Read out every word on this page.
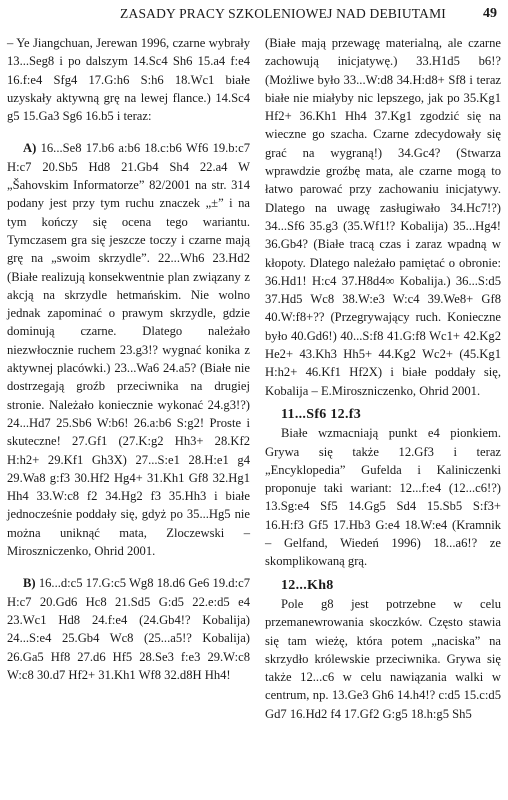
ZASADY PRACY SZKOLENIOWEJ NAD DEBIUTAMI	49

– Ye Jiangchuan, Jerewan 1996, czarne wybrały 13...Seg8 i po dalszym 14.Sc4 Sh6 15.a4 f:e4 16.f:e4 Sfg4 17.G:h6 S:h6 18.Wc1 białe uzyskały aktywną grę na lewej flance.) 14.Sc4 g5 15.Ga3 Sg6 16.b5 i teraz:

A) 16...Se8 17.b6 a:b6 18.c:b6 Wf6 19.b:c7 H:c7 20.Sb5 Hd8 21.Gb4 Sh4 22.a4 W „Šahovskim Informatorze” 82/2001 na str. 314 podany jest przy tym ruchu znaczek „±” i na tym kończy się ocena tego wariantu. Tymczasem gra się jeszcze toczy i czarne mają grę na „swoim skrzydle”. 22...Wh6 23.Hd2 (Białe realizują konsekwentnie plan związany z akcją na skrzydle hetmańskim. Nie wolno jednak zapominać o prawym skrzydle, gdzie dominują czarne. Dlatego należało niezwłocznie ruchem 23.g3!? wygnać konika z aktywnej placówki.) 23...Wa6 24.a5? (Białe nie dostrzegają groźb przeciwnika na drugiej stronie. Należało koniecznie wykonać 24.g3!?) 24...Hd7 25.Sb6 W:b6! 26.a:b6 S:g2! Proste i skuteczne! 27.Gf1 (27.K:g2 Hh3+ 28.Kf2 H:h2+ 29.Kf1 Gh3X) 27...S:e1 28.H:e1 g4 29.Wa8 g:f3 30.Hf2 Hg4+ 31.Kh1 Gf8 32.Hg1 Hh4 33.W:c8 f2 34.Hg2 f3 35.Hh3 i białe jednocześnie poddały się, gdyż po 35...Hg5 nie można uniknąć mata, Zloczewski – Miroszniczenko, Ohrid 2001.

B) 16...d:c5 17.G:c5 Wg8 18.d6 Ge6 19.d:c7 H:c7 20.Gd6 Hc8 21.Sd5 G:d5 22.e:d5 e4 23.Wc1 Hd8 24.f:e4 (24.Gb4!? Kobalija) 24...S:e4 25.Gb4 Wc8 (25...a5!? Kobalija) 26.Ga5 Hf8 27.d6 Hf5 28.Se3 f:e3 29.W:c8 W:c8 30.d7 Hf2+ 31.Kh1 Wf8 32.d8H Hh4!

(Białe mają przewagę materialną, ale czarne zachowują inicjatywę.) 33.H1d5 b6!? (Możliwe było 33...W:d8 34.H:d8+ Sf8 i teraz białe nie miałyby nic lepszego, jak po 35.Kg1 Hf2+ 36.Kh1 Hh4 37.Kg1 zgodzić się na wieczne go szacha. Czarne zdecydowały się grać na wygraną!) 34.Gc4? (Stwarza wprawdzie groźbę mata, ale czarne mogą to łatwo parować przy zachowaniu inicjatywy. Dlatego na uwagę zasługiwało 34.Hc7!?) 34...Sf6 35.g3 (35.Wf1!? Kobalija) 35...Hg4! 36.Gb4? (Białe tracą czas i zaraz wpadną w kłopoty. Dlatego należało pamiętać o obronie: 36.Hd1! H:c4 37.H8d4∞ Kobalija.) 36...S:d5 37.Hd5 Wc8 38.W:e3 W:c4 39.We8+ Gf8 40.W:f8+?? (Przegrywający ruch. Konieczne było 40.Gd6!) 40...S:f8 41.G:f8 Wc1+ 42.Kg2 He2+ 43.Kh3 Hh5+ 44.Kg2 Wc2+ (45.Kg1 H:h2+ 46.Kf1 Hf2X) i białe poddały się, Kobalija – E.Miroszniczenko, Ohrid 2001.

11...Sf6 12.f3

Białe wzmacniają punkt e4 pionkiem. Grywa się także 12.Gf3 i teraz „Encyklopedia” Gufelda i Kaliniczenki proponuje taki wariant: 12...f:e4 (12...c6!?) 13.Sg:e4 Sf5 14.Gg5 Sd4 15.Sb5 S:f3+ 16.H:f3 Gf5 17.Hb3 G:e4 18.W:e4 (Kramnik – Gelfand, Wiedeń 1996) 18...a6!? ze skomplikowaną grą.

12...Kh8

Pole g8 jest potrzebne w celu przemanewrowania skoczków. Często stawia się tam wieżę, która potem „naciska” na skrzydło królewskie przeciwnika. Grywa się także 12...c6 w celu nawiązania walki w centrum, np. 13.Ge3 Gh6 14.h4!? c:d5 15.c:d5 Gd7 16.Hd2 f4 17.Gf2 G:g5 18.h:g5 Sh5
